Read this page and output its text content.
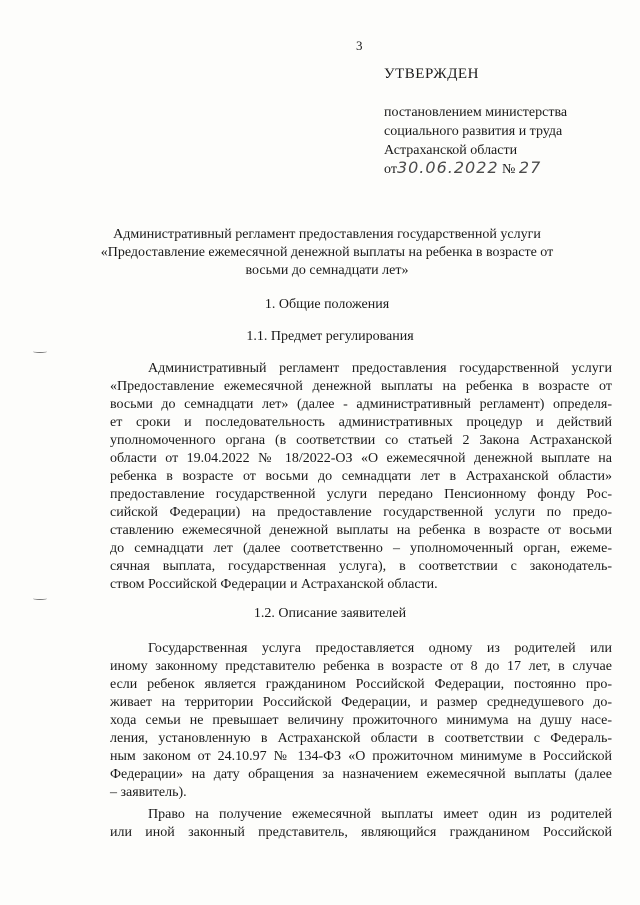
3
УТВЕРЖДЕН
постановлением министерства
социального развития и труда
Астраханской области
от30.06.2022 № 27
Административный регламент предоставления государственной услуги
«Предоставление ежемесячной денежной выплаты на ребенка в возрасте от
восьми до семнадцати лет»
1. Общие положения
1.1. Предмет регулирования
Административный регламент предоставления государственной услуги
«Предоставление ежемесячной денежной выплаты на ребенка в возрасте от
восьми до семнадцати лет» (далее - административный регламент) определя-
ет сроки и последовательность административных процедур и действий
уполномоченного органа (в соответствии со статьей 2 Закона Астраханской
области от 19.04.2022 № 18/2022-ОЗ «О ежемесячной денежной выплате на
ребенка в возрасте от восьми до семнадцати лет в Астраханской области»
предоставление государственной услуги передано Пенсионному фонду Рос-
сийской Федерации) на предоставление государственной услуги по предо-
ставлению ежемесячной денежной выплаты на ребенка в возрасте от восьми
до семнадцати лет (далее соответственно – уполномоченный орган, ежеме-
сячная выплата, государственная услуга), в соответствии с законодатель-
ством Российской Федерации и Астраханской области.
1.2. Описание заявителей
Государственная услуга предоставляется одному из родителей или
иному законному представителю ребенка в возрасте от 8 до 17 лет, в случае
если ребенок является гражданином Российской Федерации, постоянно про-
живает на территории Российской Федерации, и размер среднедушевого до-
хода семьи не превышает величину прожиточного минимума на душу насе-
ления, установленную в Астраханской области в соответствии с Федераль-
ным законом от 24.10.97 № 134-ФЗ «О прожиточном минимуме в Российской
Федерации» на дату обращения за назначением ежемесячной выплаты (далее
– заявитель).
Право на получение ежемесячной выплаты имеет один из родителей
или иной законный представитель, являющийся гражданином Российской
